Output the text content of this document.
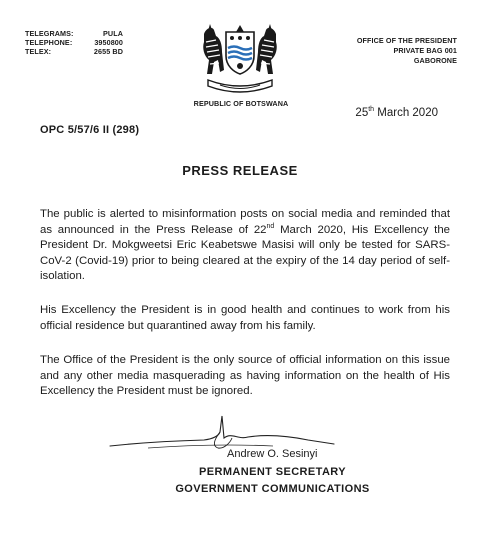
TELEGRAMS:	PULA
TELEPHONE:	3950800
TELEX:	2655 BD
OFFICE OF THE PRESIDENT
PRIVATE BAG 001
GABORONE
REPUBLIC OF BOTSWANA
25th March 2020
OPC 5/57/6 II (298)
PRESS RELEASE

The public is alerted to misinformation posts on social media and reminded that as announced in the Press Release of 22nd March 2020, His Excellency the President Dr. Mokgweetsi Eric Keabetswe Masisi will only be tested for SARS-CoV-2 (Covid-19) prior to being cleared at the expiry of the 14 day period of self-isolation.

His Excellency the President is in good health and continues to work from his official residence but quarantined away from his family.

The Office of the President is the only source of official information on this issue and any other media masquerading as having information on the health of His Excellency the President must be ignored.

Andrew O. Sesinyi
PERMANENT SECRETARY
GOVERNMENT COMMUNICATIONS
